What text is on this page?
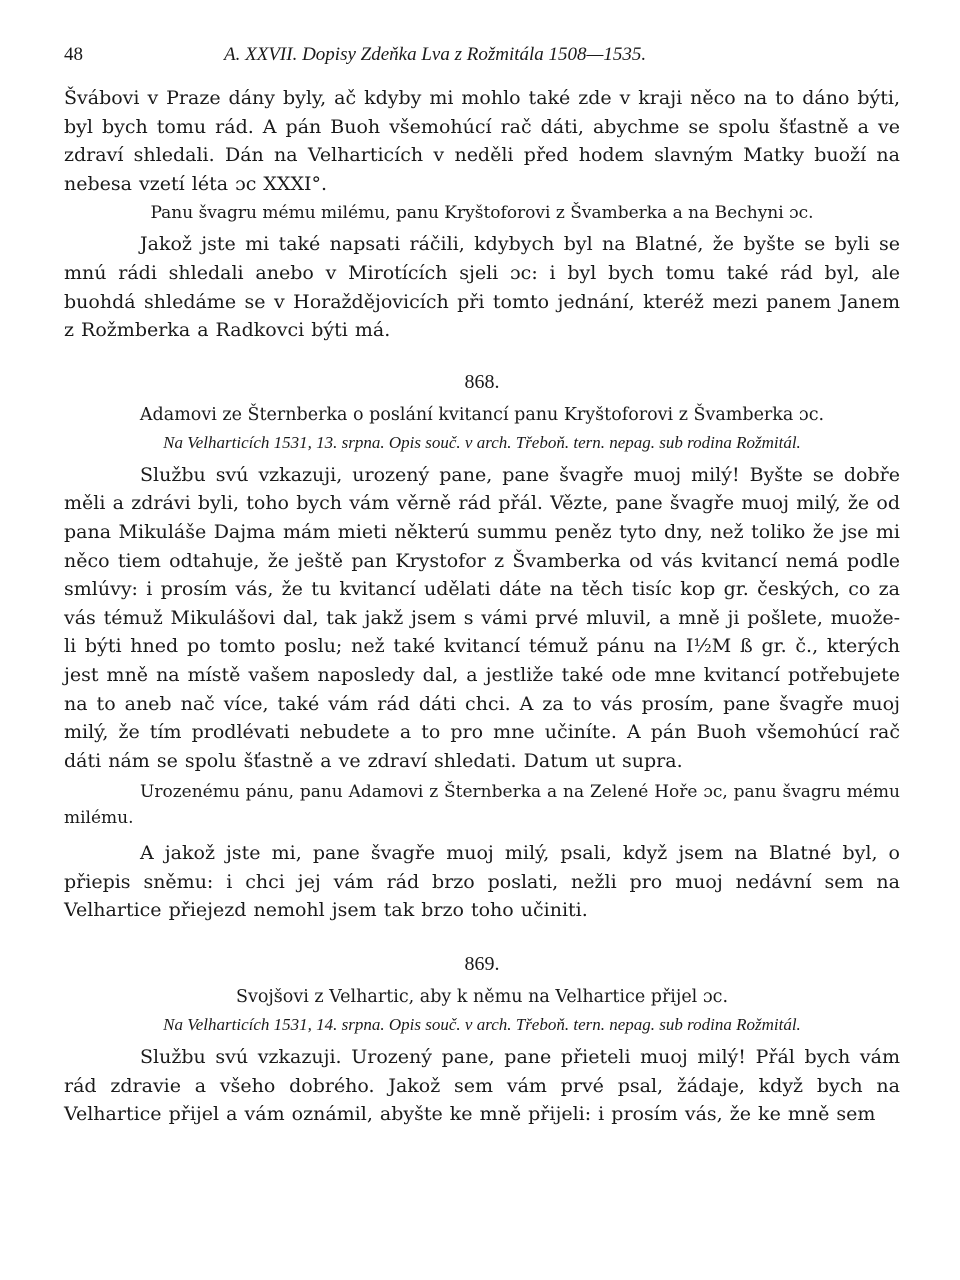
48	A. XXVII. Dopisy Zdeňka Lva z Rožmitála 1508—1535.

Švábovi v Praze dány byly, ač kdyby mi mohlo také zde v kraji něco na to dáno býti, byl bych tomu rád. A pán Buoh všemohúcí rač dáti, abychme se spolu šťastně a ve zdraví shledali. Dán na Velharticích v neděli před hodem slavným Matky buoží na nebesa vzetí léta ɔc XXXI°.

Panu švagru mému milému, panu Kryštoforovi z Švamberka a na Bechyni ɔc.

Jakož jste mi také napsati ráčili, kdybych byl na Blatné, že byšte se byli se mnú rádi shledali anebo v Mirotících sjeli ɔc: i byl bych tomu také rád byl, ale buohdá shledáme se v Horaždějovicích při tomto jednání, kteréž mezi panem Janem z Rožmberka a Radkovci býti má.

868.

Adamovi ze Šternberka o poslání kvitancí panu Kryštoforovi z Švamberka ɔc.

Na Velharticích 1531, 13. srpna. Opis souč. v arch. Třeboň. tern. nepag. sub rodina Rožmitál.

Službu svú vzkazuji, urozený pane, pane švagře muoj milý! Byšte se dobře měli a zdrávi byli, toho bych vám věrně rád přál. Vězte, pane švagře muoj milý, že od pana Mikuláše Dajma mám mieti některú summu peněz tyto dny, než toliko že jse mi něco tiem odtahuje, že ještě pan Krystofor z Švamberka od vás kvitancí nemá podle smlúvy: i prosím vás, že tu kvitancí udělati dáte na těch tisíc kop gr. českých, co za vás témuž Mikulášovi dal, tak jakž jsem s vámi prvé mluvil, a mně ji pošlete, muože-li býti hned po tomto poslu; než také kvitancí témuž pánu na I½M ß gr. č., kterých jest mně na místě vašem naposledy dal, a jestliže také ode mne kvitancí potřebujete na to aneb nač více, také vám rád dáti chci. A za to vás prosím, pane švagře muoj milý, že tím prodlévati nebudete a to pro mne učiníte. A pán Buoh všemohúcí rač dáti nám se spolu šťastně a ve zdraví shledati. Datum ut supra.

Urozenému pánu, panu Adamovi z Šternberka a na Zelené Hoře ɔc, panu švagru mému milému.

A jakož jste mi, pane švagře muoj milý, psali, když jsem na Blatné byl, o přiepis sněmu: i chci jej vám rád brzo poslati, nežli pro muoj nedávní sem na Velhartice přiejezd nemohl jsem tak brzo toho učiniti.

869.

Svojšovi z Velhartic, aby k němu na Velhartice přijel ɔc.

Na Velharticích 1531, 14. srpna. Opis souč. v arch. Třeboň. tern. nepag. sub rodina Rožmitál.

Službu svú vzkazuji. Urozený pane, pane přieteli muoj milý! Přál bych vám rád zdravie a všeho dobrého. Jakož sem vám prvé psal, žádaje, když bych na Velhartice přijel a vám oznámil, abyšte ke mně přijeli: i prosím vás, že ke mně sem
